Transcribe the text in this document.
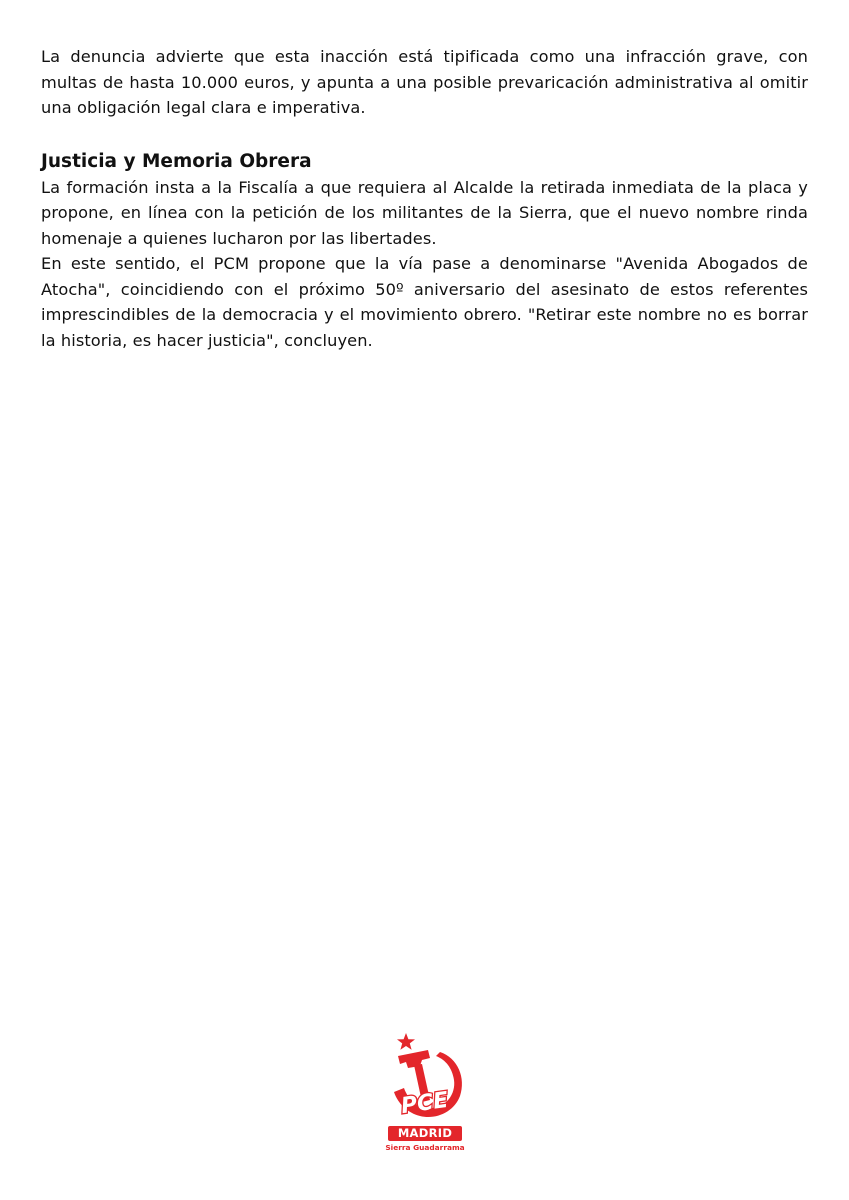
La denuncia advierte que esta inacción está tipificada como una infracción grave, con multas de hasta 10.000 euros, y apunta a una posible prevaricación administrativa al omitir una obligación legal clara e imperativa.

Justicia y Memoria Obrera

La formación insta a la Fiscalía a que requiera al Alcalde la retirada inmediata de la placa y propone, en línea con la petición de los militantes de la Sierra, que el nuevo nombre rinda homenaje a quienes lucharon por las libertades.

En este sentido, el PCM propone que la vía pase a denominarse "Avenida Abogados de Atocha", coincidiendo con el próximo 50º aniversario del asesinato de estos referentes imprescindibles de la democracia y el movimiento obrero. "Retirar este nombre no es borrar la historia, es hacer justicia", concluyen.

PCE
MADRID
Sierra Guadarrama
